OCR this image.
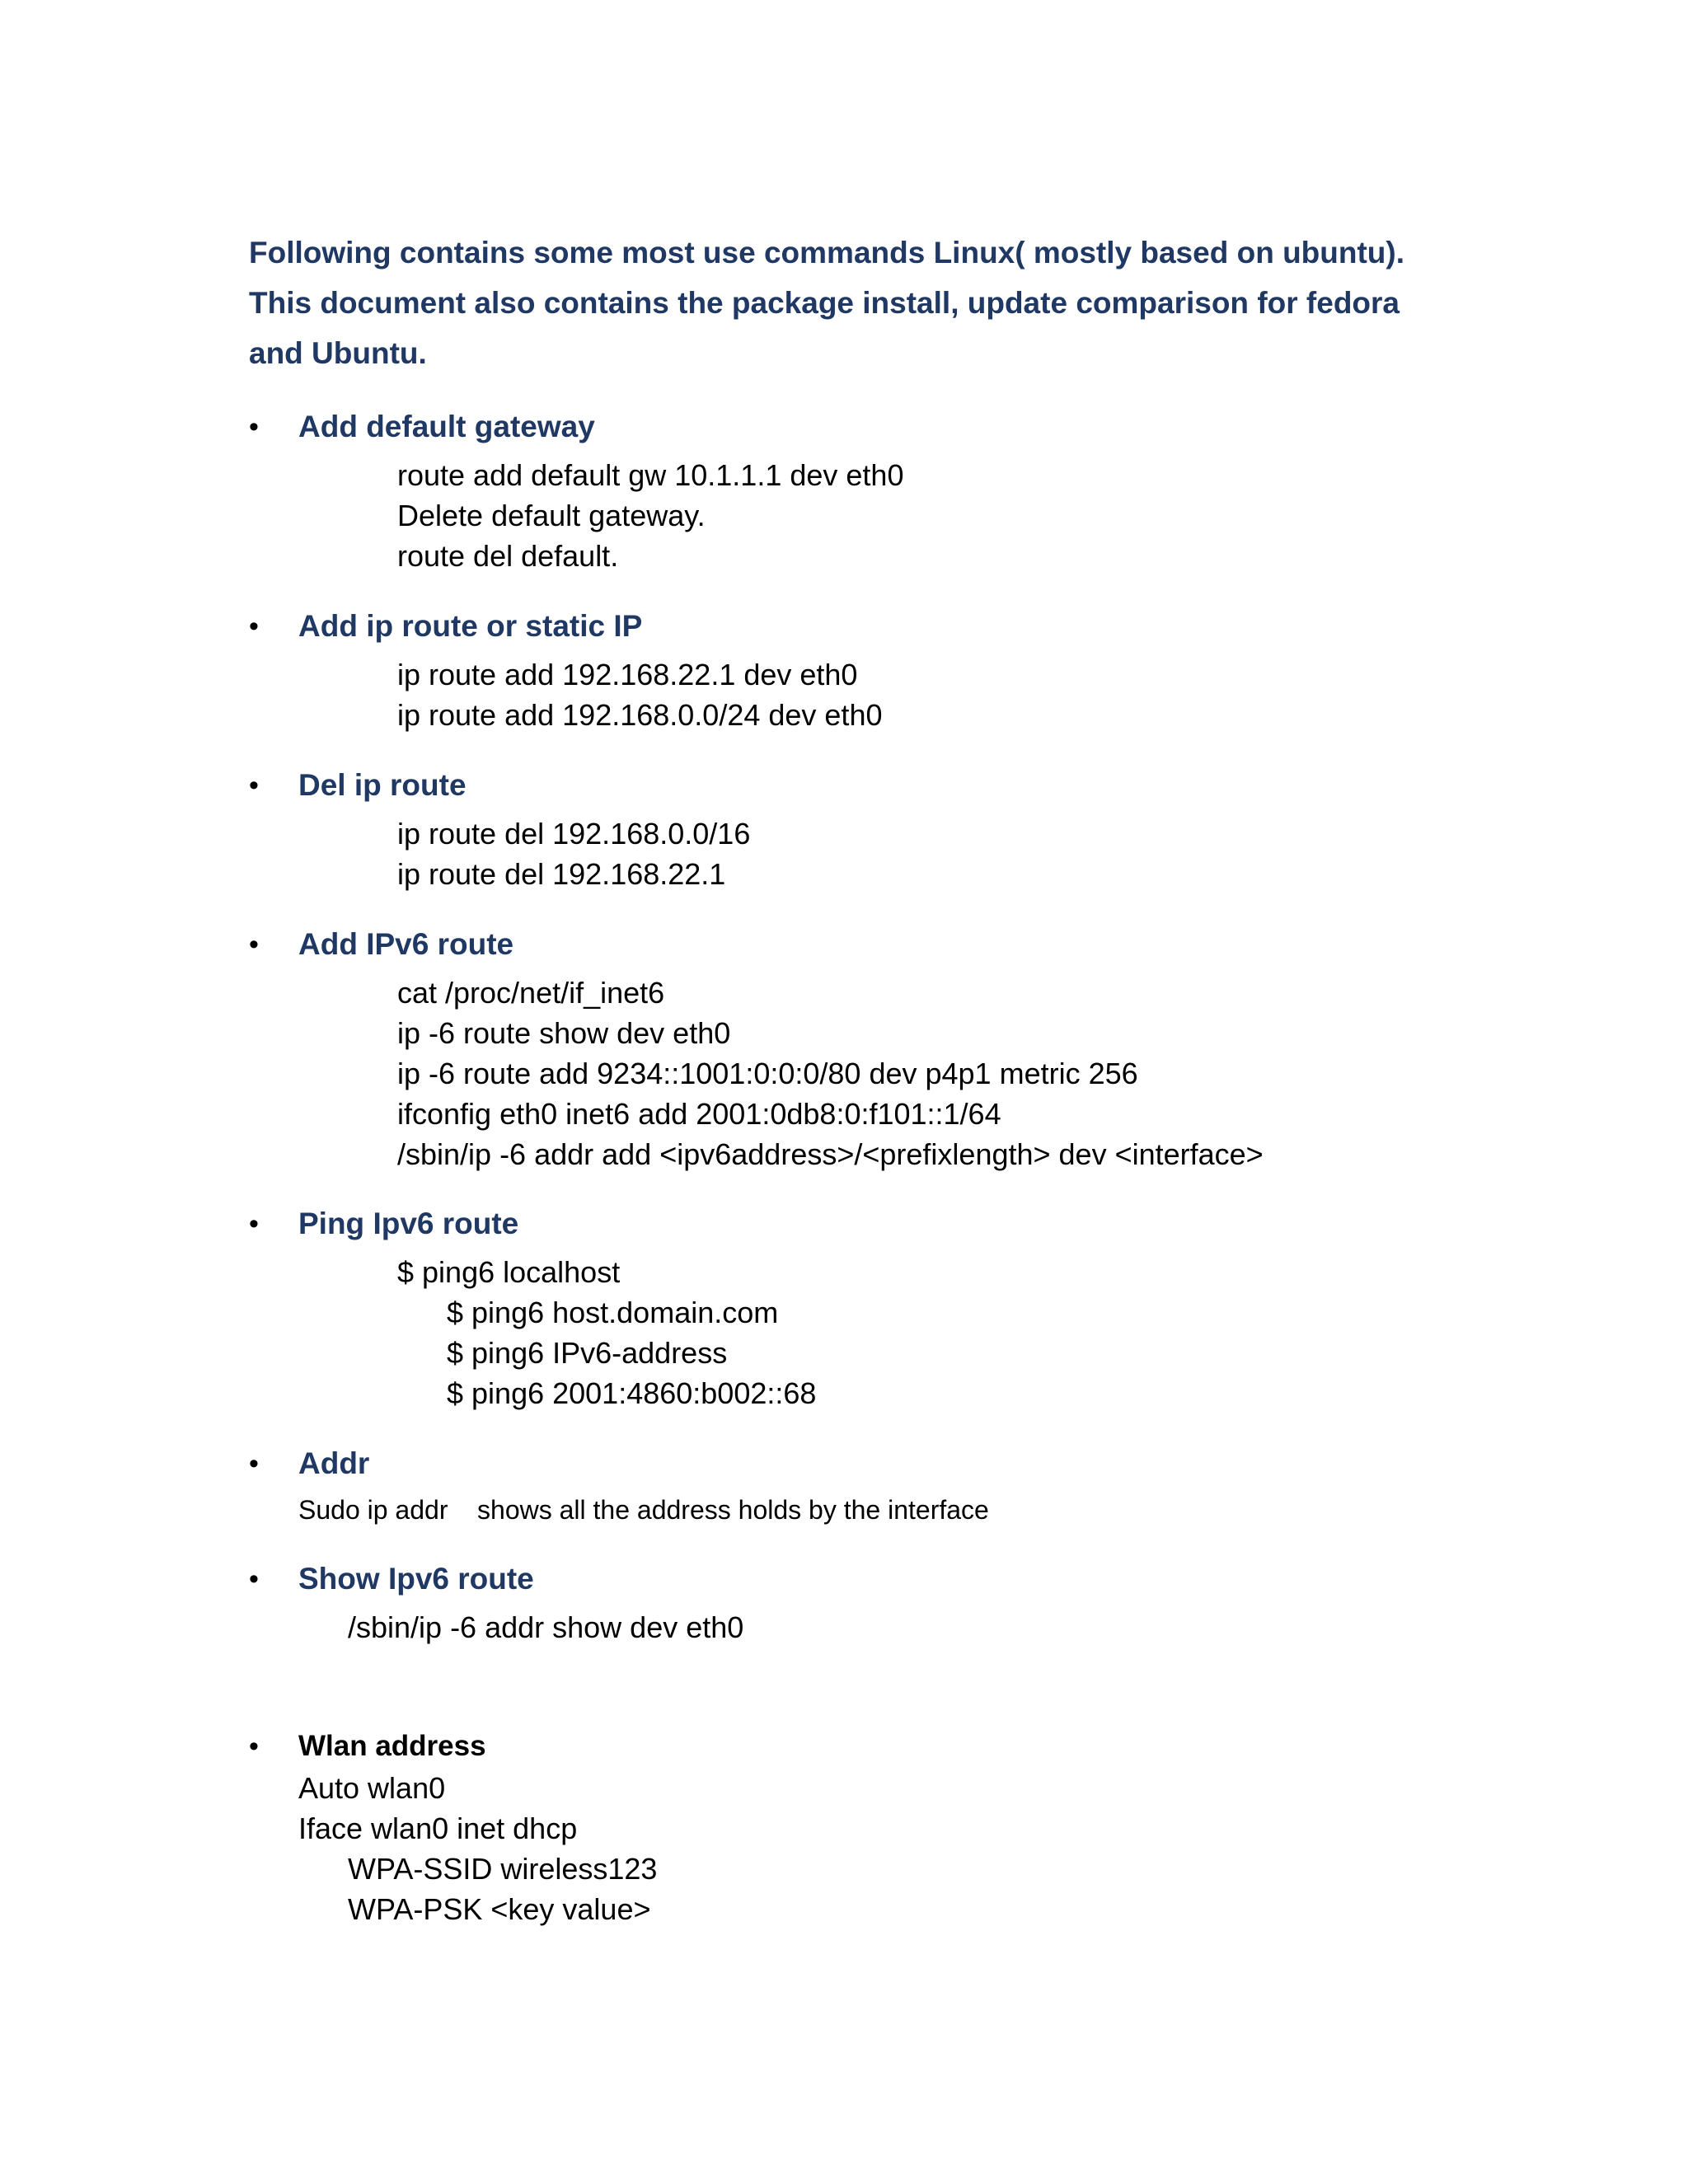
Following contains some most use commands Linux( mostly based on ubuntu).
This document also contains the package install, update comparison for fedora
and Ubuntu.

•	Add default gateway
route add default gw 10.1.1.1 dev eth0
Delete default gateway.
route del default.
•	Add ip route or static IP
ip route add 192.168.22.1 dev eth0
ip route add 192.168.0.0/24 dev eth0
•	Del ip route
ip route del 192.168.0.0/16
ip route del 192.168.22.1
•	Add IPv6 route
cat /proc/net/if_inet6
ip -6 route show dev eth0
ip -6 route add 9234::1001:0:0:0/80 dev p4p1 metric 256
ifconfig eth0 inet6 add 2001:0db8:0:f101::1/64
/sbin/ip -6 addr add <ipv6address>/<prefixlength> dev <interface>
•	Ping Ipv6 route
$ ping6 localhost
$ ping6 host.domain.com
$ ping6 IPv6-address
$ ping6 2001:4860:b002::68
•	Addr
Sudo ip addr    shows all the address holds by the interface
•	Show Ipv6 route
/sbin/ip -6 addr show dev eth0
•	Wlan address
Auto wlan0
Iface wlan0 inet dhcp
WPA-SSID wireless123
WPA-PSK <key value>
